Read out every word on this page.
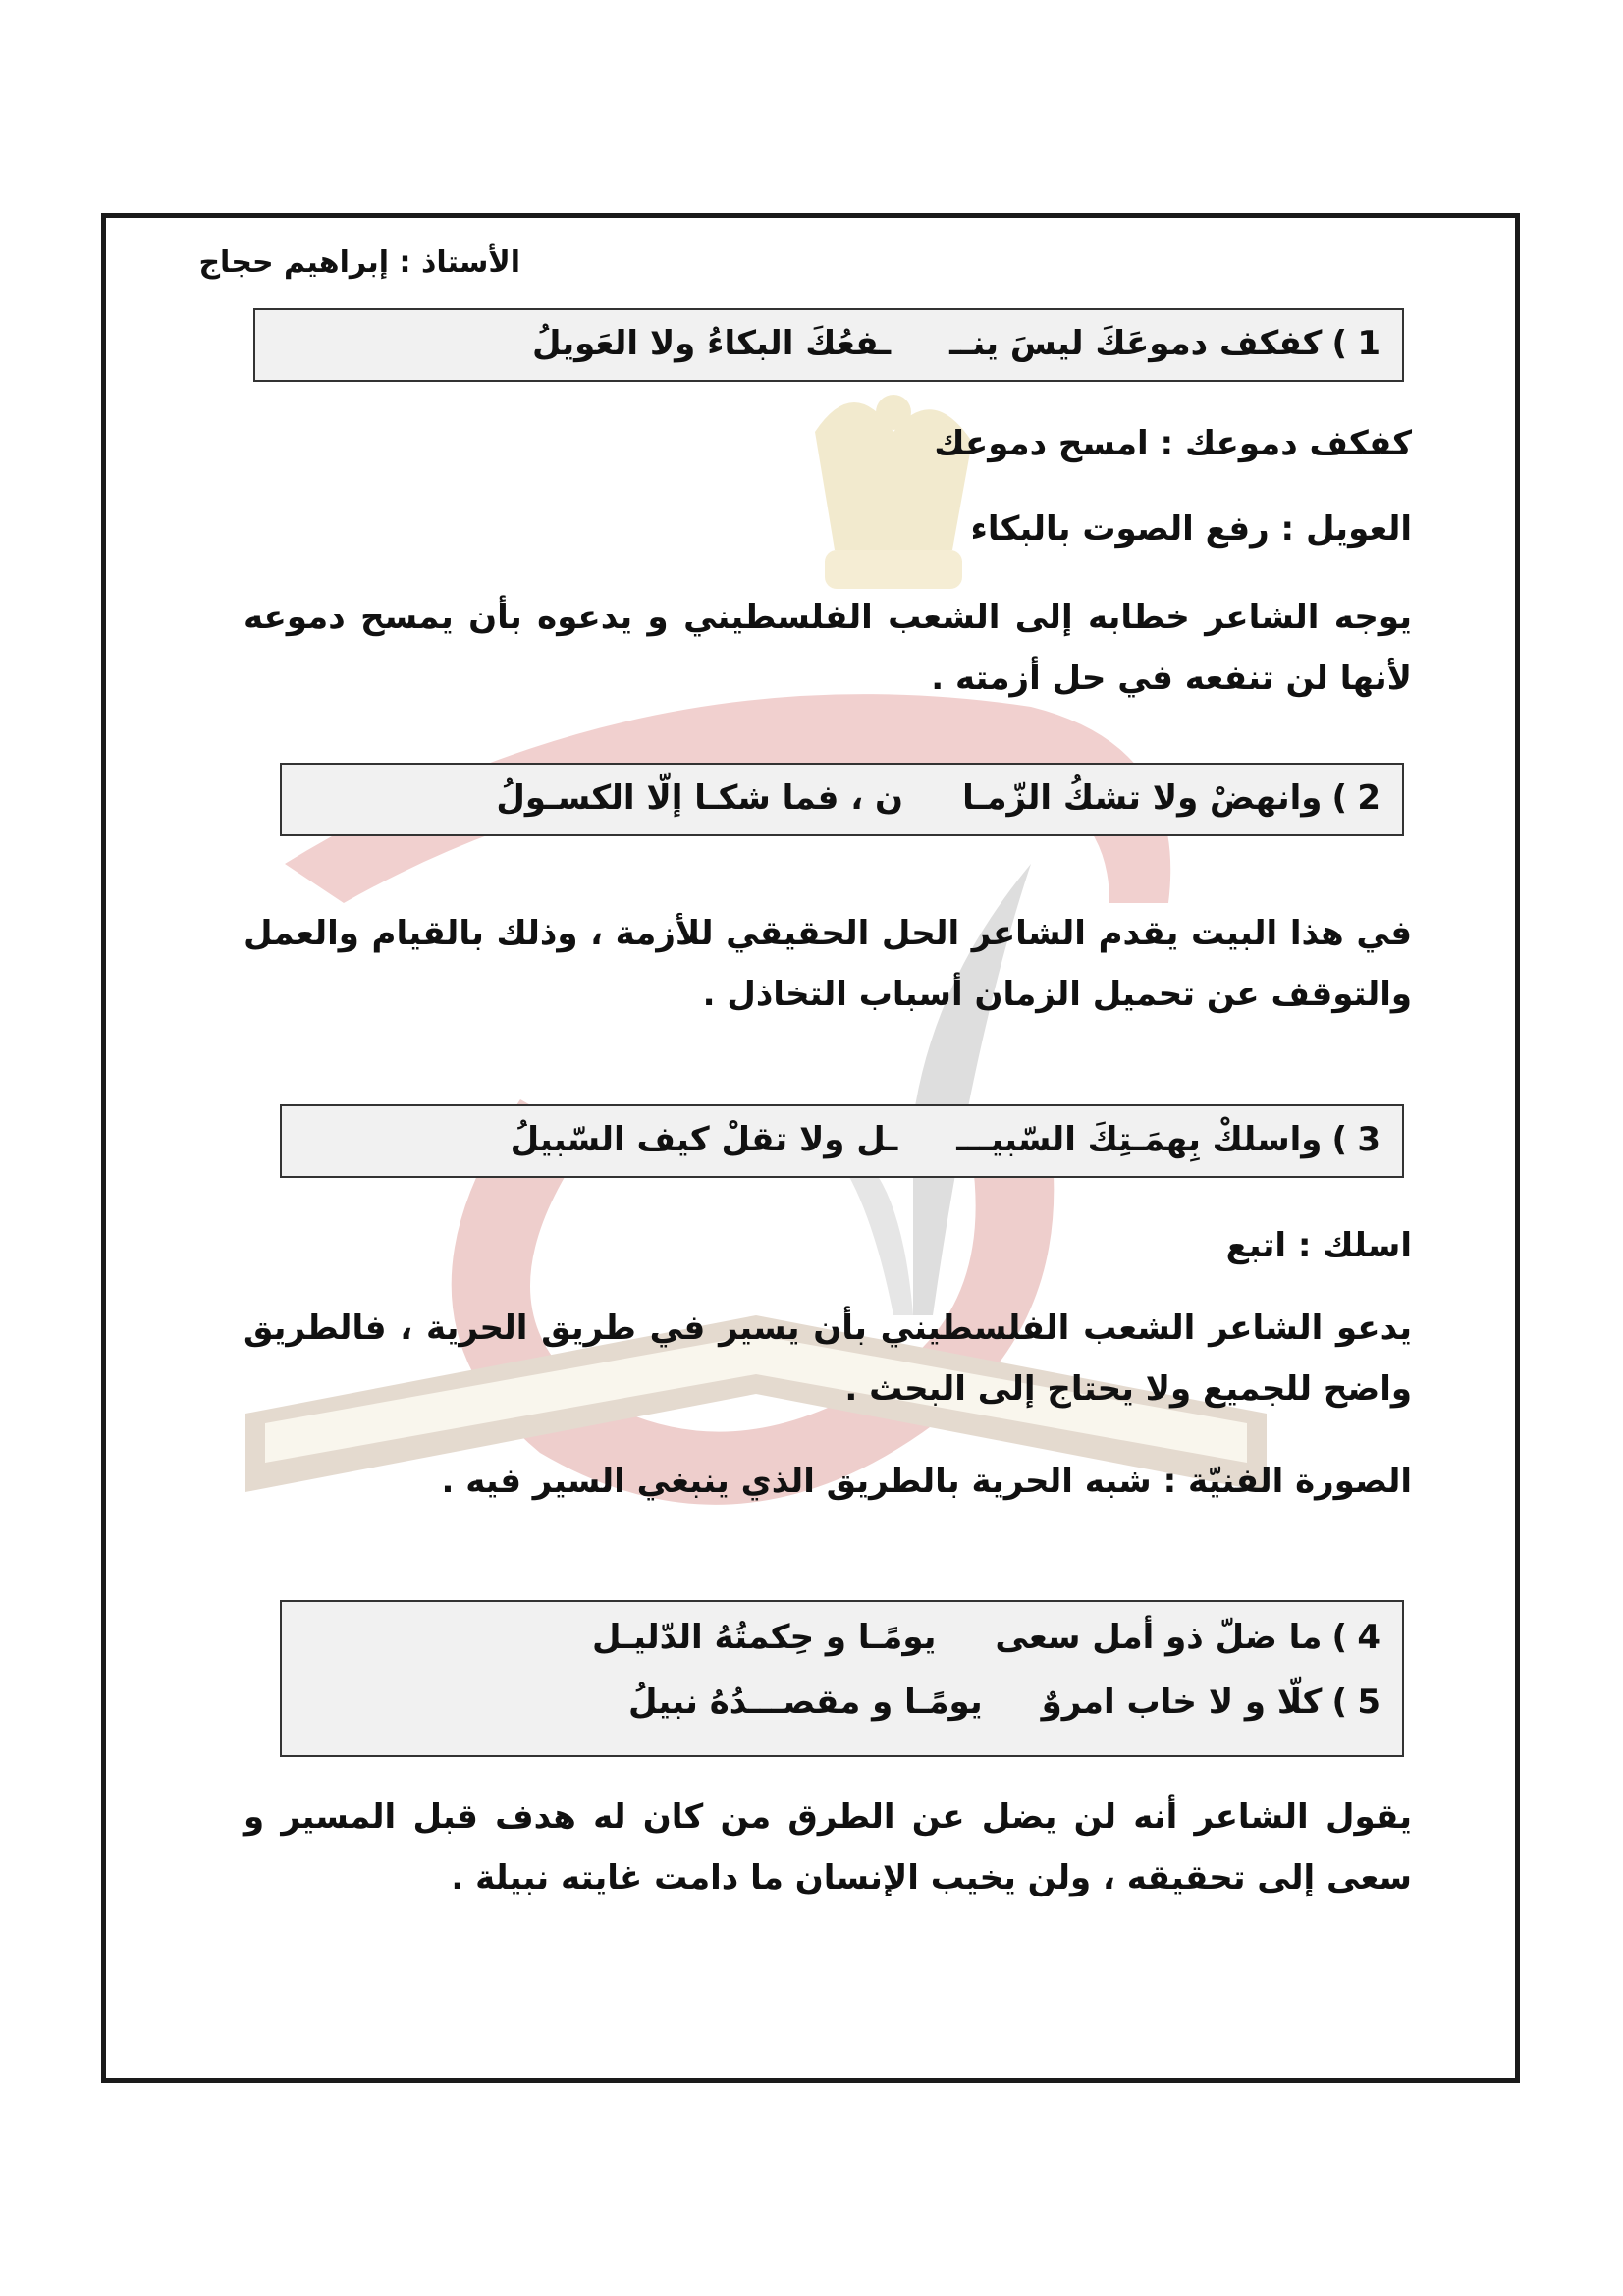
الأستاذ : إبراهيم حجاج
1
)
كفكف دموعَكَ ليسَ ينــ
ـفعُكَ البكاءُ ولا العَويلُ
كفكف دموعك : امسح دموعك
العويل : رفع الصوت بالبكاء
يوجه الشاعر خطابه إلى الشعب الفلسطيني و يدعوه بأن يمسح دموعه لأنها لن تنفعه في حل أزمته .
2
)
وانهضْ ولا تشكُ الزّمـا
ن ، فما شكـا إلّا الكسـولُ
في هذا البيت يقدم الشاعر الحل الحقيقي للأزمة ، وذلك بالقيام والعمل والتوقف عن تحميل الزمان أسباب التخاذل .
3
)
واسلكْ بِهمَـتِكَ السّبيـــ
ـل ولا تقلْ كيف السّبيلُ
اسلك : اتبع
يدعو الشاعر الشعب الفلسطيني بأن يسير في طريق الحرية ، فالطريق واضح للجميع ولا يحتاج إلى البحث .
الصورة الفنيّة : شبه الحرية بالطريق الذي ينبغي السير فيه .
4
)
ما ضلّ ذو أمل سعى
يومًـا و حِكمتُهُ الدّليـل
5
)
كلّا و لا خاب امروٌ
يومًـا و مقصـــدُهُ نبيلُ
يقول الشاعر أنه لن يضل عن الطرق من كان له هدف قبل المسير و سعى إلى تحقيقه ، ولن يخيب الإنسان ما دامت غايته نبيلة .
